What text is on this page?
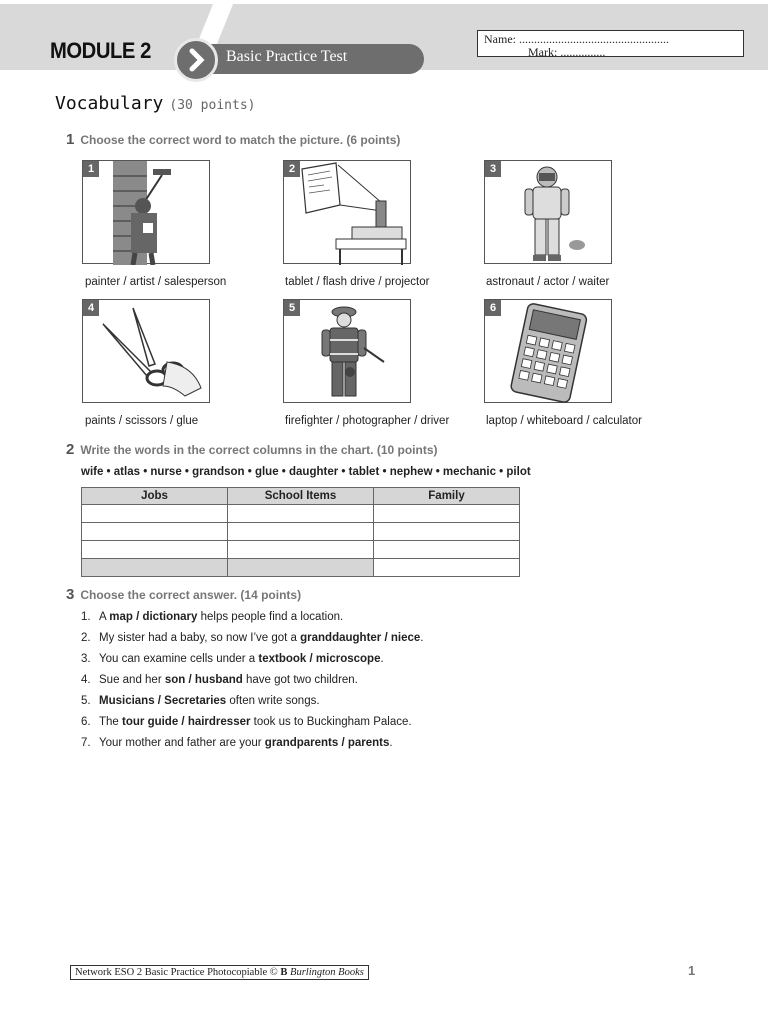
MODULE 2	Basic Practice Test
Name: ..................................................
Mark: ...............
Vocabulary (30 points)
1 Choose the correct word to match the picture. (6 points)
1
painter / artist / salesperson
2
tablet / flash drive / projector
3
astronaut / actor / waiter
4
paints / scissors / glue
5
firefighter / photographer / driver
6
laptop / whiteboard / calculator
2 Write the words in the correct columns in the chart. (10 points)
wife • atlas • nurse • grandson • glue • daughter • tablet • nephew • mechanic • pilot
Jobs	School Items	Family

3 Choose the correct answer. (14 points)
1. A map / dictionary helps people find a location.
2. My sister had a baby, so now I’ve got a granddaughter / niece.
3. You can examine cells under a textbook / microscope.
4. Sue and her son / husband have got two children.
5. Musicians / Secretaries often write songs.
6. The tour guide / hairdresser took us to Buckingham Palace.
7. Your mother and father are your grandparents / parents.
Network ESO 2 Basic Practice Photocopiable © B Burlington Books	1
